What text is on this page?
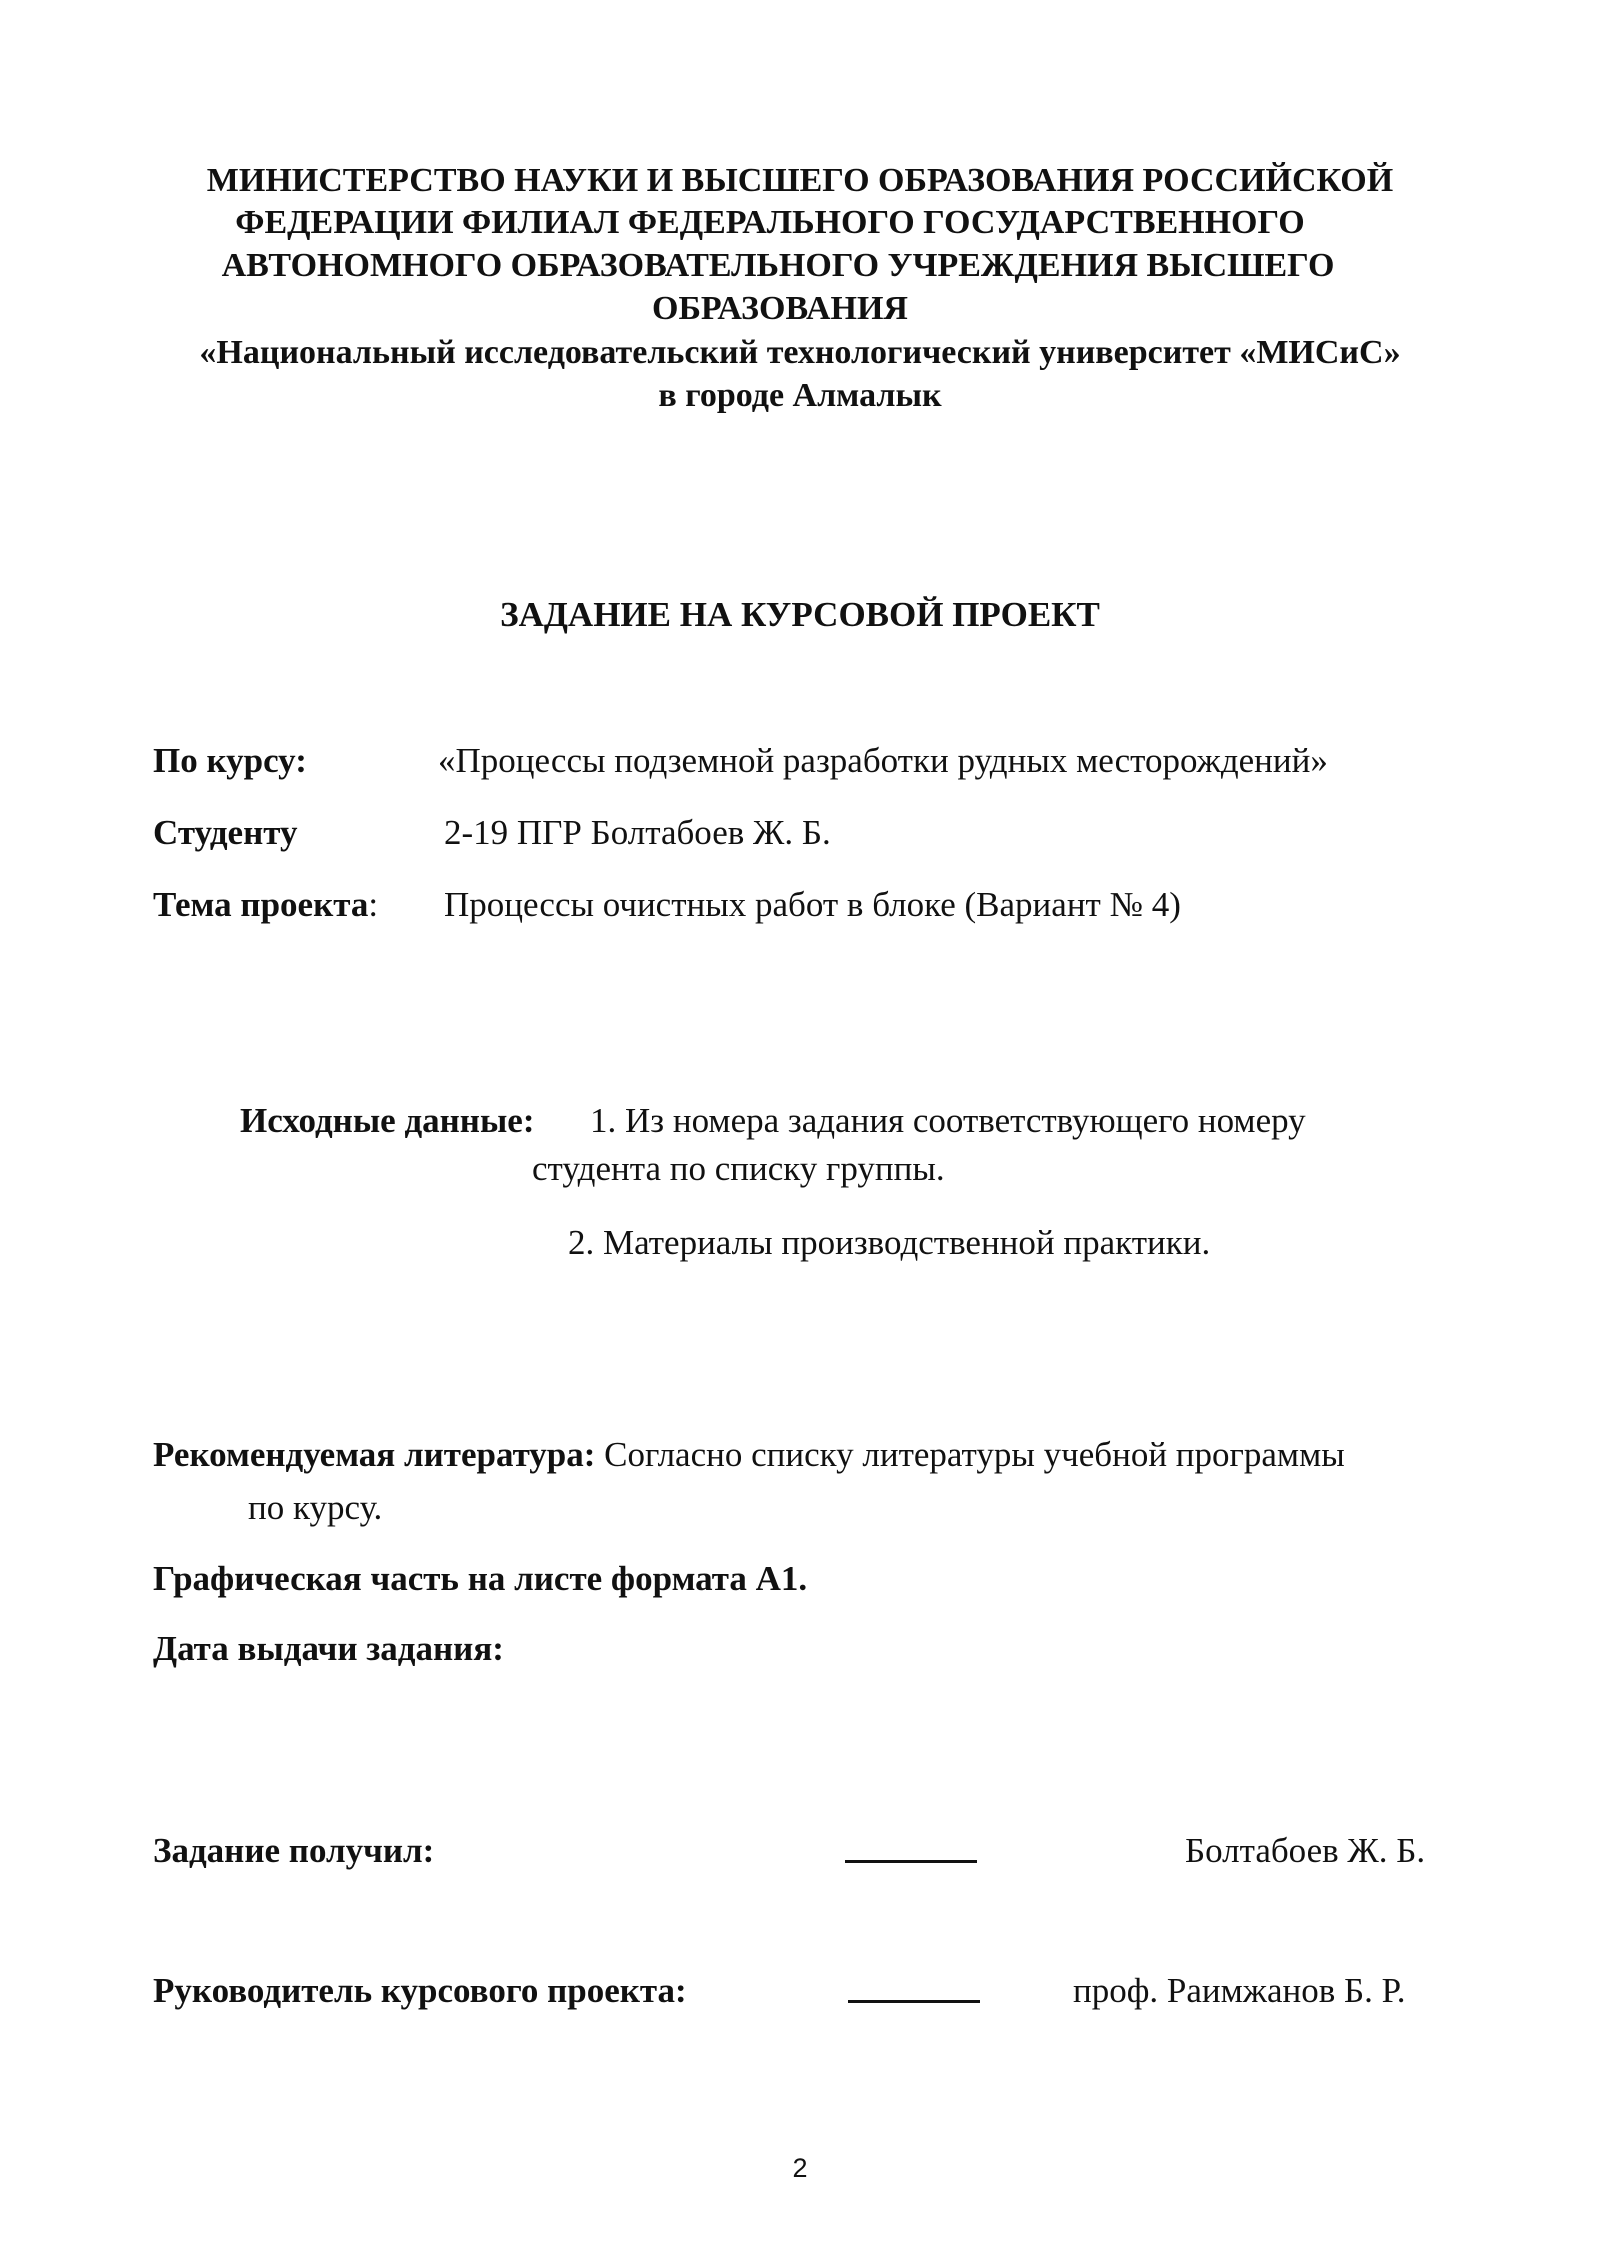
МИНИСТЕРСТВО НАУКИ И ВЫСШЕГО ОБРАЗОВАНИЯ РОССИЙСКОЙ
ФЕДЕРАЦИИ ФИЛИАЛ ФЕДЕРАЛЬНОГО ГОСУДАРСТВЕННОГО
АВТОНОМНОГО ОБРАЗОВАТЕЛЬНОГО УЧРЕЖДЕНИЯ ВЫСШЕГО
ОБРАЗОВАНИЯ
«Национальный исследовательский технологический университет «МИСиС»
в городе Алмалык
ЗАДАНИЕ НА КУРСОВОЙ ПРОЕКТ
По курсу:	«Процессы подземной разработки рудных месторождений»
Студенту	2-19 ПГР Болтабоев Ж. Б.
Тема проекта: Процессы очистных работ в блоке (Вариант № 4)
Исходные данные: 1. Из номера задания соответствующего номеру
студента по списку группы.
2. Материалы производственной практики.
Рекомендуемая литература: Согласно списку литературы учебной программы
по курсу.
Графическая часть на листе формата А1.
Дата выдачи задания:
Задание получил:	Болтабоев Ж. Б.
Руководитель курсового проекта:	проф. Раимжанов Б. Р.
2
